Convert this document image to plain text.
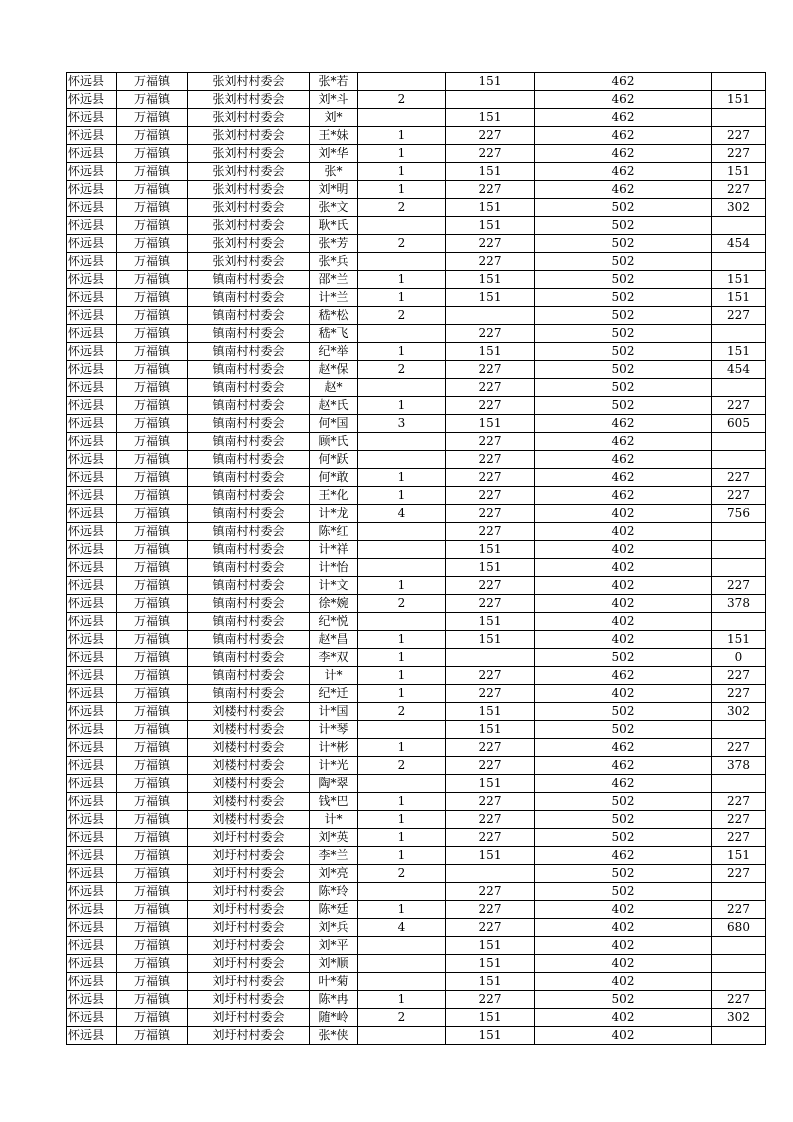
怀远县	万福镇	张刘村村委会	张*若		151	462	
怀远县	万福镇	张刘村村委会	刘*斗	2		462	151
怀远县	万福镇	张刘村村委会	刘*		151	462	
怀远县	万福镇	张刘村村委会	王*妹	1	227	462	227
怀远县	万福镇	张刘村村委会	刘*华	1	227	462	227
怀远县	万福镇	张刘村村委会	张*	1	151	462	151
怀远县	万福镇	张刘村村委会	刘*明	1	227	462	227
怀远县	万福镇	张刘村村委会	张*文	2	151	502	302
怀远县	万福镇	张刘村村委会	耿*氏		151	502	
怀远县	万福镇	张刘村村委会	张*芳	2	227	502	454
怀远县	万福镇	张刘村村委会	张*兵		227	502	
怀远县	万福镇	镇南村村委会	邵*兰	1	151	502	151
怀远县	万福镇	镇南村村委会	计*兰	1	151	502	151
怀远县	万福镇	镇南村村委会	嵇*松	2		502	227
怀远县	万福镇	镇南村村委会	嵇*飞		227	502	
怀远县	万福镇	镇南村村委会	纪*举	1	151	502	151
怀远县	万福镇	镇南村村委会	赵*保	2	227	502	454
怀远县	万福镇	镇南村村委会	赵*		227	502	
怀远县	万福镇	镇南村村委会	赵*氏	1	227	502	227
怀远县	万福镇	镇南村村委会	何*国	3	151	462	605
怀远县	万福镇	镇南村村委会	顾*氏		227	462	
怀远县	万福镇	镇南村村委会	何*跃		227	462	
怀远县	万福镇	镇南村村委会	何*敢	1	227	462	227
怀远县	万福镇	镇南村村委会	王*化	1	227	462	227
怀远县	万福镇	镇南村村委会	计*龙	4	227	402	756
怀远县	万福镇	镇南村村委会	陈*红		227	402	
怀远县	万福镇	镇南村村委会	计*祥		151	402	
怀远县	万福镇	镇南村村委会	计*怡		151	402	
怀远县	万福镇	镇南村村委会	计*文	1	227	402	227
怀远县	万福镇	镇南村村委会	徐*婉	2	227	402	378
怀远县	万福镇	镇南村村委会	纪*悦		151	402	
怀远县	万福镇	镇南村村委会	赵*昌	1	151	402	151
怀远县	万福镇	镇南村村委会	李*双	1		502	0
怀远县	万福镇	镇南村村委会	计*	1	227	462	227
怀远县	万福镇	镇南村村委会	纪*迁	1	227	402	227
怀远县	万福镇	刘楼村村委会	计*国	2	151	502	302
怀远县	万福镇	刘楼村村委会	计*琴		151	502	
怀远县	万福镇	刘楼村村委会	计*彬	1	227	462	227
怀远县	万福镇	刘楼村村委会	计*光	2	227	462	378
怀远县	万福镇	刘楼村村委会	陶*翠		151	462	
怀远县	万福镇	刘楼村村委会	钱*巴	1	227	502	227
怀远县	万福镇	刘楼村村委会	计*	1	227	502	227
怀远县	万福镇	刘圩村村委会	刘*英	1	227	502	227
怀远县	万福镇	刘圩村村委会	李*兰	1	151	462	151
怀远县	万福镇	刘圩村村委会	刘*亮	2		502	227
怀远县	万福镇	刘圩村村委会	陈*玲		227	502	
怀远县	万福镇	刘圩村村委会	陈*廷	1	227	402	227
怀远县	万福镇	刘圩村村委会	刘*兵	4	227	402	680
怀远县	万福镇	刘圩村村委会	刘*平		151	402	
怀远县	万福镇	刘圩村村委会	刘*顺		151	402	
怀远县	万福镇	刘圩村村委会	叶*菊		151	402	
怀远县	万福镇	刘圩村村委会	陈*冉	1	227	502	227
怀远县	万福镇	刘圩村村委会	随*岭	2	151	402	302
怀远县	万福镇	刘圩村村委会	张*侠		151	402	
